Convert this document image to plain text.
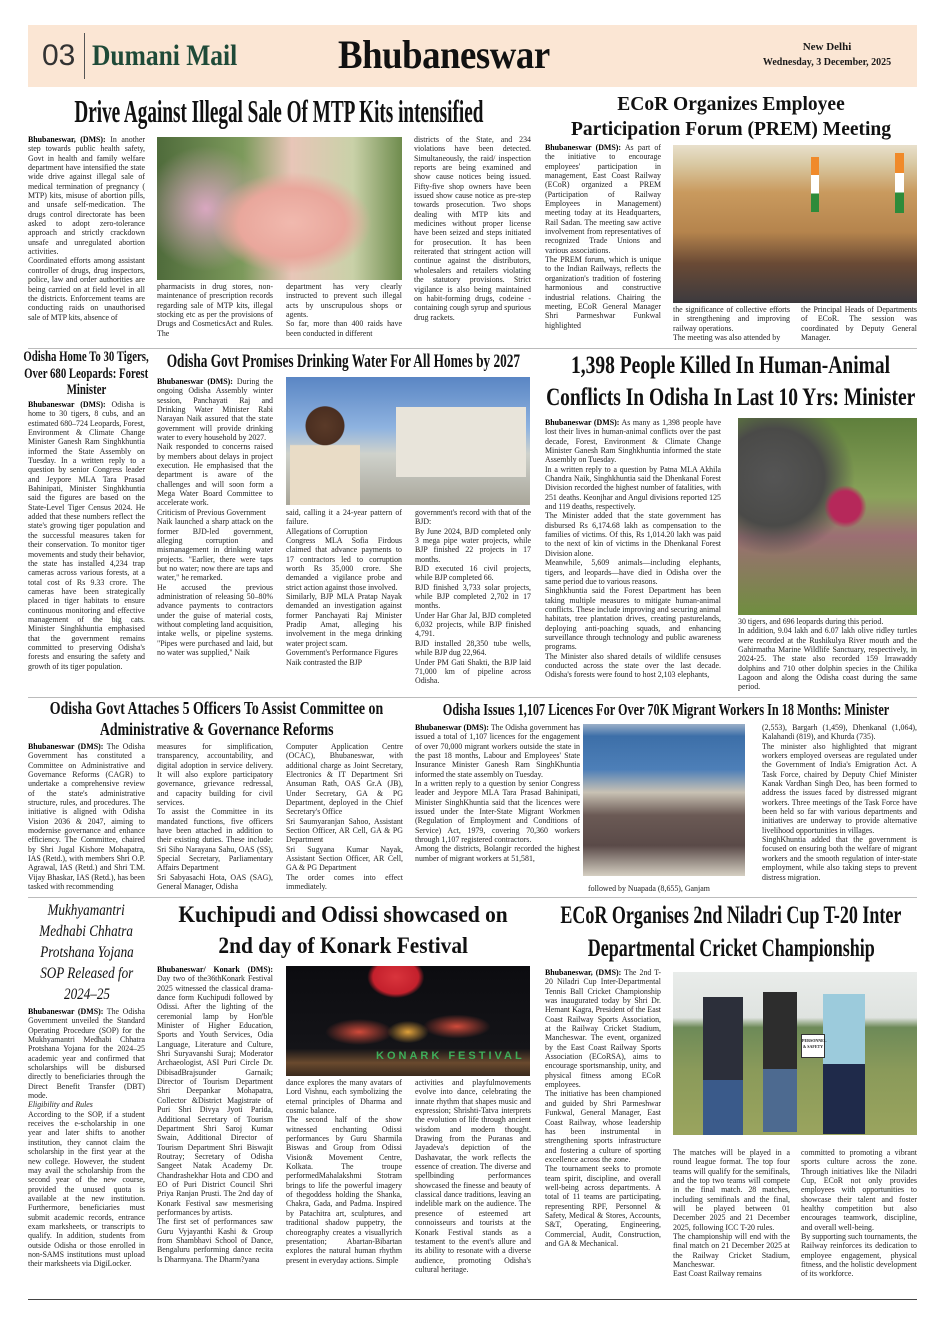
03 Dumani Mail	Bhubaneswar	New Delhi
Wednesday, 3 December, 2025
Drive Against Illegal Sale Of MTP Kits intensified
Bhubaneswar, (DMS): In another step towards public health safety, Govt in health and family welfare department have intensified the state wide drive against illegal sale of medical termination of pregnancy ( MTP) kits, misuse of abortion pills, and unsafe self-medication. The drugs control directorate has been asked to adopt zero-tolerance approach and strictly crackdown unsafe and unregulated abortion activities.
Coordinated efforts among assistant controller of drugs, drug inspectors, police, law and order authorities are being carried on at field level in all the districts. Enforcement teams are conducting raids on unauthorised sale of MTP kits, absence of
pharmacists in drug stores, non-maintenance of prescription records regarding sale of MTP kits, illegal stocking etc as per the provisions of Drugs and CosmeticsAct and Rules. The
department has very clearly instructed to prevent such illegal acts by unscrupulous shops or agents.
So far, more than 400 raids have been conducted in different
districts of the State, and 234 violations have been detected. Simultaneously, the raid/ inspection reports are being examined and show cause notices being issued. Fifty-five shop owners have been issued show cause notice as pre-step towards prosecution. Two shops dealing with MTP kits and medicines without proper license have been seized and steps initiated for prosecution. It has been reiterated that stringent action will continue against the distributors, wholesalers and retailers violating the statutory provisions. Strict vigilance is also being maintained on habit-forming drugs, codeine - containing cough syrup and spurious drug rackets.
ECoR Organizes Employee
Participation Forum (PREM) Meeting
Bhubaneswar (DMS): As part of the initiative to encourage employees' participation in management, East Coast Railway (ECoR) organized a PREM (Participation of Railway Employees in Management) meeting today at its Headquarters, Rail Sadan. The meeting saw active involvement from representatives of recognized Trade Unions and various associations.
The PREM forum, which is unique to the Indian Railways, reflects the organization's tradition of fostering harmonious and constructive industrial relations. Chairing the meeting, ECoR General Manager Shri Parmeshwar Funkwal highlighted
the significance of collective efforts in strengthening and improving railway operations.
The meeting was also attended by
the Principal Heads of Departments of ECoR. The session was coordinated by Deputy General Manager.
Odisha Home To 30 Tigers,
Over 680 Leopards: Forest
Minister
Bhubaneswar (DMS): Odisha is home to 30 tigers, 8 cubs, and an estimated 680–724 Leopards, Forest, Environment & Climate Change Minister Ganesh Ram Singhkhuntia informed the State Assembly on Tuesday. In a written reply to a question by senior Congress leader and Jeypore MLA Tara Prasad Bahinipati, Minister Singhkhuntia said the figures are based on the State-Level Tiger Census 2024. He added that these numbers reflect the state's growing tiger population and the successful measures taken for their conservation. To monitor tiger movements and study their behavior, the state has installed 4,234 trap cameras across various forests, at a total cost of Rs 9.33 crore. The cameras have been strategically placed in tiger habitats to ensure continuous monitoring and effective management of the big cats. Minister Singhkhuntia emphasised that the government remains committed to preserving Odisha's forests and ensuring the safety and growth of its tiger population.
Odisha Govt Promises Drinking Water For All Homes by 2027
Bhubaneswar (DMS): During the ongoing Odisha Assembly winter session, Panchayati Raj and Drinking Water Minister Rabi Narayan Naik assured that the state government will provide drinking water to every household by 2027.
Naik responded to concerns raised by members about delays in project execution. He emphasised that the department is aware of the challenges and will soon form a Mega Water Board Committee to accelerate work.
Criticism of Previous Government
Naik launched a sharp attack on the former BJD-led government, alleging corruption and mismanagement in drinking water projects. "Earlier, there were taps but no water; now there are taps and water," he remarked.
He accused the previous administration of releasing 50–80% advance payments to contractors under the guise of material costs, without completing land acquisition, intake wells, or pipeline systems. "Pipes were purchased and laid, but no water was supplied," Naik
said, calling it a 24-year pattern of failure.
Allegations of Corruption
Congress MLA Sofia Firdous claimed that advance payments to 17 contractors led to corruption worth Rs 35,000 crore. She demanded a vigilance probe and strict action against those involved.
Similarly, BJP MLA Pratap Nayak demanded an investigation against former Panchayati Raj Minister Pradip Amat, alleging his involvement in the mega drinking water project scam.
Government's Performance Figures
Naik contrasted the BJP
government's record with that of the BJD:
By June 2024, BJD completed only 3 mega pipe water projects, while BJP finished 22 projects in 17 months.
BJD executed 16 civil projects, while BJP completed 66.
BJD finished 3,733 solar projects, while BJP completed 2,702 in 17 months.
Under Har Ghar Jal, BJD completed 6,032 projects, while BJP finished 4,791.
BJD installed 28,350 tube wells, while BJP dug 22,964.
Under PM Gati Shakti, the BJP laid 71,000 km of pipeline across Odisha.
1,398 People Killed In Human-Animal
Conflicts In Odisha In Last 10 Yrs: Minister
Bhubaneswar (DMS): As many as 1,398 people have lost their lives in human-animal conflicts over the past decade, Forest, Environment & Climate Change Minister Ganesh Ram Singhkhuntia informed the state Assembly on Tuesday.
In a written reply to a question by Patna MLA Akhila Chandra Naik, Singhkhuntia said the Dhenkanal Forest Division recorded the highest number of fatalities, with 251 deaths. Keonjhar and Angul divisions reported 125 and 119 deaths, respectively.
The Minister added that the state government has disbursed Rs 6,174.68 lakh as compensation to the families of victims. Of this, Rs 1,014.20 lakh was paid to the next of kin of victims in the Dhenkanal Forest Division alone.
Meanwhile, 5,609 animals—including elephants, tigers, and leopards—have died in Odisha over the same period due to various reasons.
Singhkhuntia said the Forest Department has been taking multiple measures to mitigate human-animal conflicts. These include improving and securing animal habitats, tree plantation drives, creating pasturelands, deploying anti-poaching squads, and enhancing surveillance through technology and public awareness programs.
The Minister also shared details of wildlife censuses conducted across the state over the last decade. Odisha's forests were found to host 2,103 elephants,
30 tigers, and 696 leopards during this period.
In addition, 9.04 lakh and 6.07 lakh olive ridley turtles were recorded at the Rushikulya River mouth and the Gahirmatha Marine Wildlife Sanctuary, respectively, in 2024-25. The state also recorded 159 Irrawaddy dolphins and 710 other dolphin species in the Chilika Lagoon and along the Odisha coast during the same period.
Odisha Govt Attaches 5 Officers To Assist Committee on
Administrative & Governance Reforms
Bhubaneswar (DMS): The Odisha Government has constituted a Committee on Administrative and Governance Reforms (CAGR) to undertake a comprehensive review of the state's administrative structure, rules, and procedures. The initiative is aligned with Odisha Vision 2036 & 2047, aiming to modernise governance and enhance efficiency. The Committee, chaired by Shri Jugal Kishore Mohapatra, IAS (Retd.), with members Shri O.P. Agrawal, IAS (Retd.) and Shri T.M. Vijay Bhaskar, IAS (Retd.), has been tasked with recommending
measures for simplification, transparency, accountability, and digital adoption in service delivery. It will also explore participatory governance, grievance redressal, and capacity building for civil services.
To assist the Committee in its mandated functions, five officers have been attached in addition to their existing duties. These include: Sri Siho Narayana Sahu, OAS (SS), Special Secretary, Parliamentary Affairs Department
Sri Sabyasachi Hota, OAS (SAG), General Manager, Odisha
Computer Application Centre (OCAC), Bhubaneswar, with additional charge as Joint Secretary, Electronics & IT Department Sri Ansuman Rath, OAS Gr.A (JB), Under Secretary, GA & PG Department, deployed in the Chief Secretary's Office
Sri Saumyaranjan Sahoo, Assistant Section Officer, AR Cell, GA & PG Department
Sri Sugyana Kumar Nayak, Assistant Section Officer, AR Cell, GA & PG Department
The order comes into effect immediately.
Odisha Issues 1,107 Licences For Over 70K Migrant Workers In 18 Months: Minister
Bhubaneswar (DMS): The Odisha government has issued a total of 1,107 licences for the engagement of over 70,000 migrant workers outside the state in the past 18 months, Labour and Employees' State Insurance Minister Ganesh Ram SinghKhuntia informed the state assembly on Tuesday.
In a written reply to a question by senior Congress leader and Jeypore MLA Tara Prasad Bahinipati, Minister SinghKhuntia said that the licences were issued under the Inter-State Migrant Workmen (Regulation of Employment and Conditions of Service) Act, 1979, covering 70,360 workers through 1,107 registered contractors.
Among the districts, Bolangir recorded the highest number of migrant workers at 51,581,
followed by Nuapada (8,655), Ganjam
(2,553), Bargarh (1,459), Dhenkanal (1,064), Kalahandi (819), and Khurda (735).
The minister also highlighted that migrant workers employed overseas are regulated under the Government of India's Emigration Act. A Task Force, chaired by Deputy Chief Minister Kanak Vardhan Singh Deo, has been formed to address the issues faced by distressed migrant workers. Three meetings of the Task Force have been held so far with various departments and initiatives are underway to provide alternative livelihood opportunities in villages.
SinghKhuntia added that the government is focused on ensuring both the welfare of migrant workers and the smooth regulation of inter-state employment, while also taking steps to prevent distress migration.
Mukhyamantri
Medhabi Chhatra
Protshana Yojana
SOP Released for
2024–25
Bhubaneswar (DMS): The Odisha Government unveiled the Standard Operating Procedure (SOP) for the Mukhyamantri Medhabi Chhatra Protshana Yojana for the 2024–25 academic year and confirmed that scholarships will be disbursed directly to beneficiaries through the Direct Benefit Transfer (DBT) mode.
Eligibility and Rules
According to the SOP, if a student receives the e-scholarship in one year and later shifts to another institution, they cannot claim the scholarship in the first year at the new college. However, the student may avail the scholarship from the second year of the new course, provided the unused quota is available at the new institution. Furthermore, beneficiaries must submit academic records, entrance exam marksheets, or transcripts to qualify. In addition, students from outside Odisha or those enrolled in non-SAMS institutions must upload their marksheets via DigiLocker.
Kuchipudi and Odissi showcased on
2nd day of Konark Festival
Bhubaneswar/ Konark (DMS): Day two of the36thKonark Festival 2025 witnessed the classical drama-dance form Kuchipudi followed by Odissi. After the lighting of the ceremonial lamp by Hon'ble Minister of Higher Education, Sports and Youth Services, Odia Language, Literature and Culture, Shri Suryavanshi Suraj; Moderator Archaeologist, ASI Puri Circle Dr. DibisadBrajsunder Garnaik; Director of Tourism Department Shri Deepankar Mohapatra, Collector &District Magistrate of Puri Shri Divya Jyoti Parida, Additional Secretary of Tourism Department Shri Saroj Kumar Swain, Additional Director of Tourism Department Shri Biswajit Routray; Secretary of Odisha Sangeet Natak Academy Dr. Chandrashekhar Hota and CDO and EO of Puri District Council Shri Priya Ranjan Prusti. The 2nd day of Konark Festival saw mesmerising performances by artists.
The first set of performances saw Guru Vyjayanthi Kashi & Group from Shambhavi School of Dance, Bengaluru performing dance recita ls Dharmyana. The Dharm?yana
KONARK FESTIVAL
dance explores the many avatars of Lord Vishnu, each symbolizing the eternal principles of Dharma and cosmic balance.
The second half of the show witnessed enchanting Odissi performances by Guru Sharmila Biswas and Group from Odissi Vision& Movement Centre, Kolkata. The troupe performedMahalakshmi Stotram brings to life the powerful imagery of thegoddess holding the Shanka, Chakra, Gada, and Padma. Inspired by Patachitra art, sculptures, and traditional shadow puppetry, the choreography creates a visuallyrich presentation; Abartan-Bibartan explores the natural human rhythm present in everyday actions. Simple
activities and playfulmovements evolve into dance, celebrating the innate rhythm that shapes music and expression; Shrishti-Tatva interprets the evolution of life through ancient wisdom and modern thought. Drawing from the Puranas and Jayadeva's depiction of the Dashavatar, the work reflects the essence of creation. The diverse and spellbinding performances showcased the finesse and beauty of classical dance traditions, leaving an indelible mark on the audience. The presence of esteemed art connoisseurs and tourists at the Konark Festival stands as a testament to the event's allure and its ability to resonate with a diverse audience, promoting Odisha's cultural heritage.
ECoR Organises 2nd Niladri Cup T-20 Inter
Departmental Cricket Championship
Bhubaneswar, (DMS): The 2nd T-20 Niladri Cup Inter-Departmental Tennis Ball Cricket Championship was inaugurated today by Shri Dr. Hemant Kagra, President of the East Coast Railway Sports Association, at the Railway Cricket Stadium, Mancheswar. The event, organized by the East Coast Railway Sports Association (ECoRSA), aims to encourage sportsmanship, unity, and physical fitness among ECoR employees.
The initiative has been championed and guided by Shri Parmeshwar Funkwal, General Manager, East Coast Railway, whose leadership has been instrumental in strengthening sports infrastructure and fostering a culture of sporting excellence across the zone.
The tournament seeks to promote team spirit, discipline, and overall well-being across departments. A total of 11 teams are participating, representing RPF, Personnel & Safety, Medical & Stores, Accounts, S&T, Operating, Engineering, Commercial, Audit, Construction, and GA & Mechanical.
PERSONNEL & SAFETY
The matches will be played in a round league format. The top four teams will qualify for the semifinals, and the top two teams will compete in the final match. 28 matches, including semifinals and the final, will be played between 01 December 2025 and 21 December 2025, following ICC T-20 rules.
The championship will end with the final match on 21 December 2025 at the Railway Cricket Stadium, Mancheswar.
East Coast Railway remains
committed to promoting a vibrant sports culture across the zone. Through initiatives like the Niladri Cup, ECoR not only provides employees with opportunities to showcase their talent and foster healthy competition but also encourages teamwork, discipline, and overall well-being.
By supporting such tournaments, the Railway reinforces its dedication to employee engagement, physical fitness, and the holistic development of its workforce.
